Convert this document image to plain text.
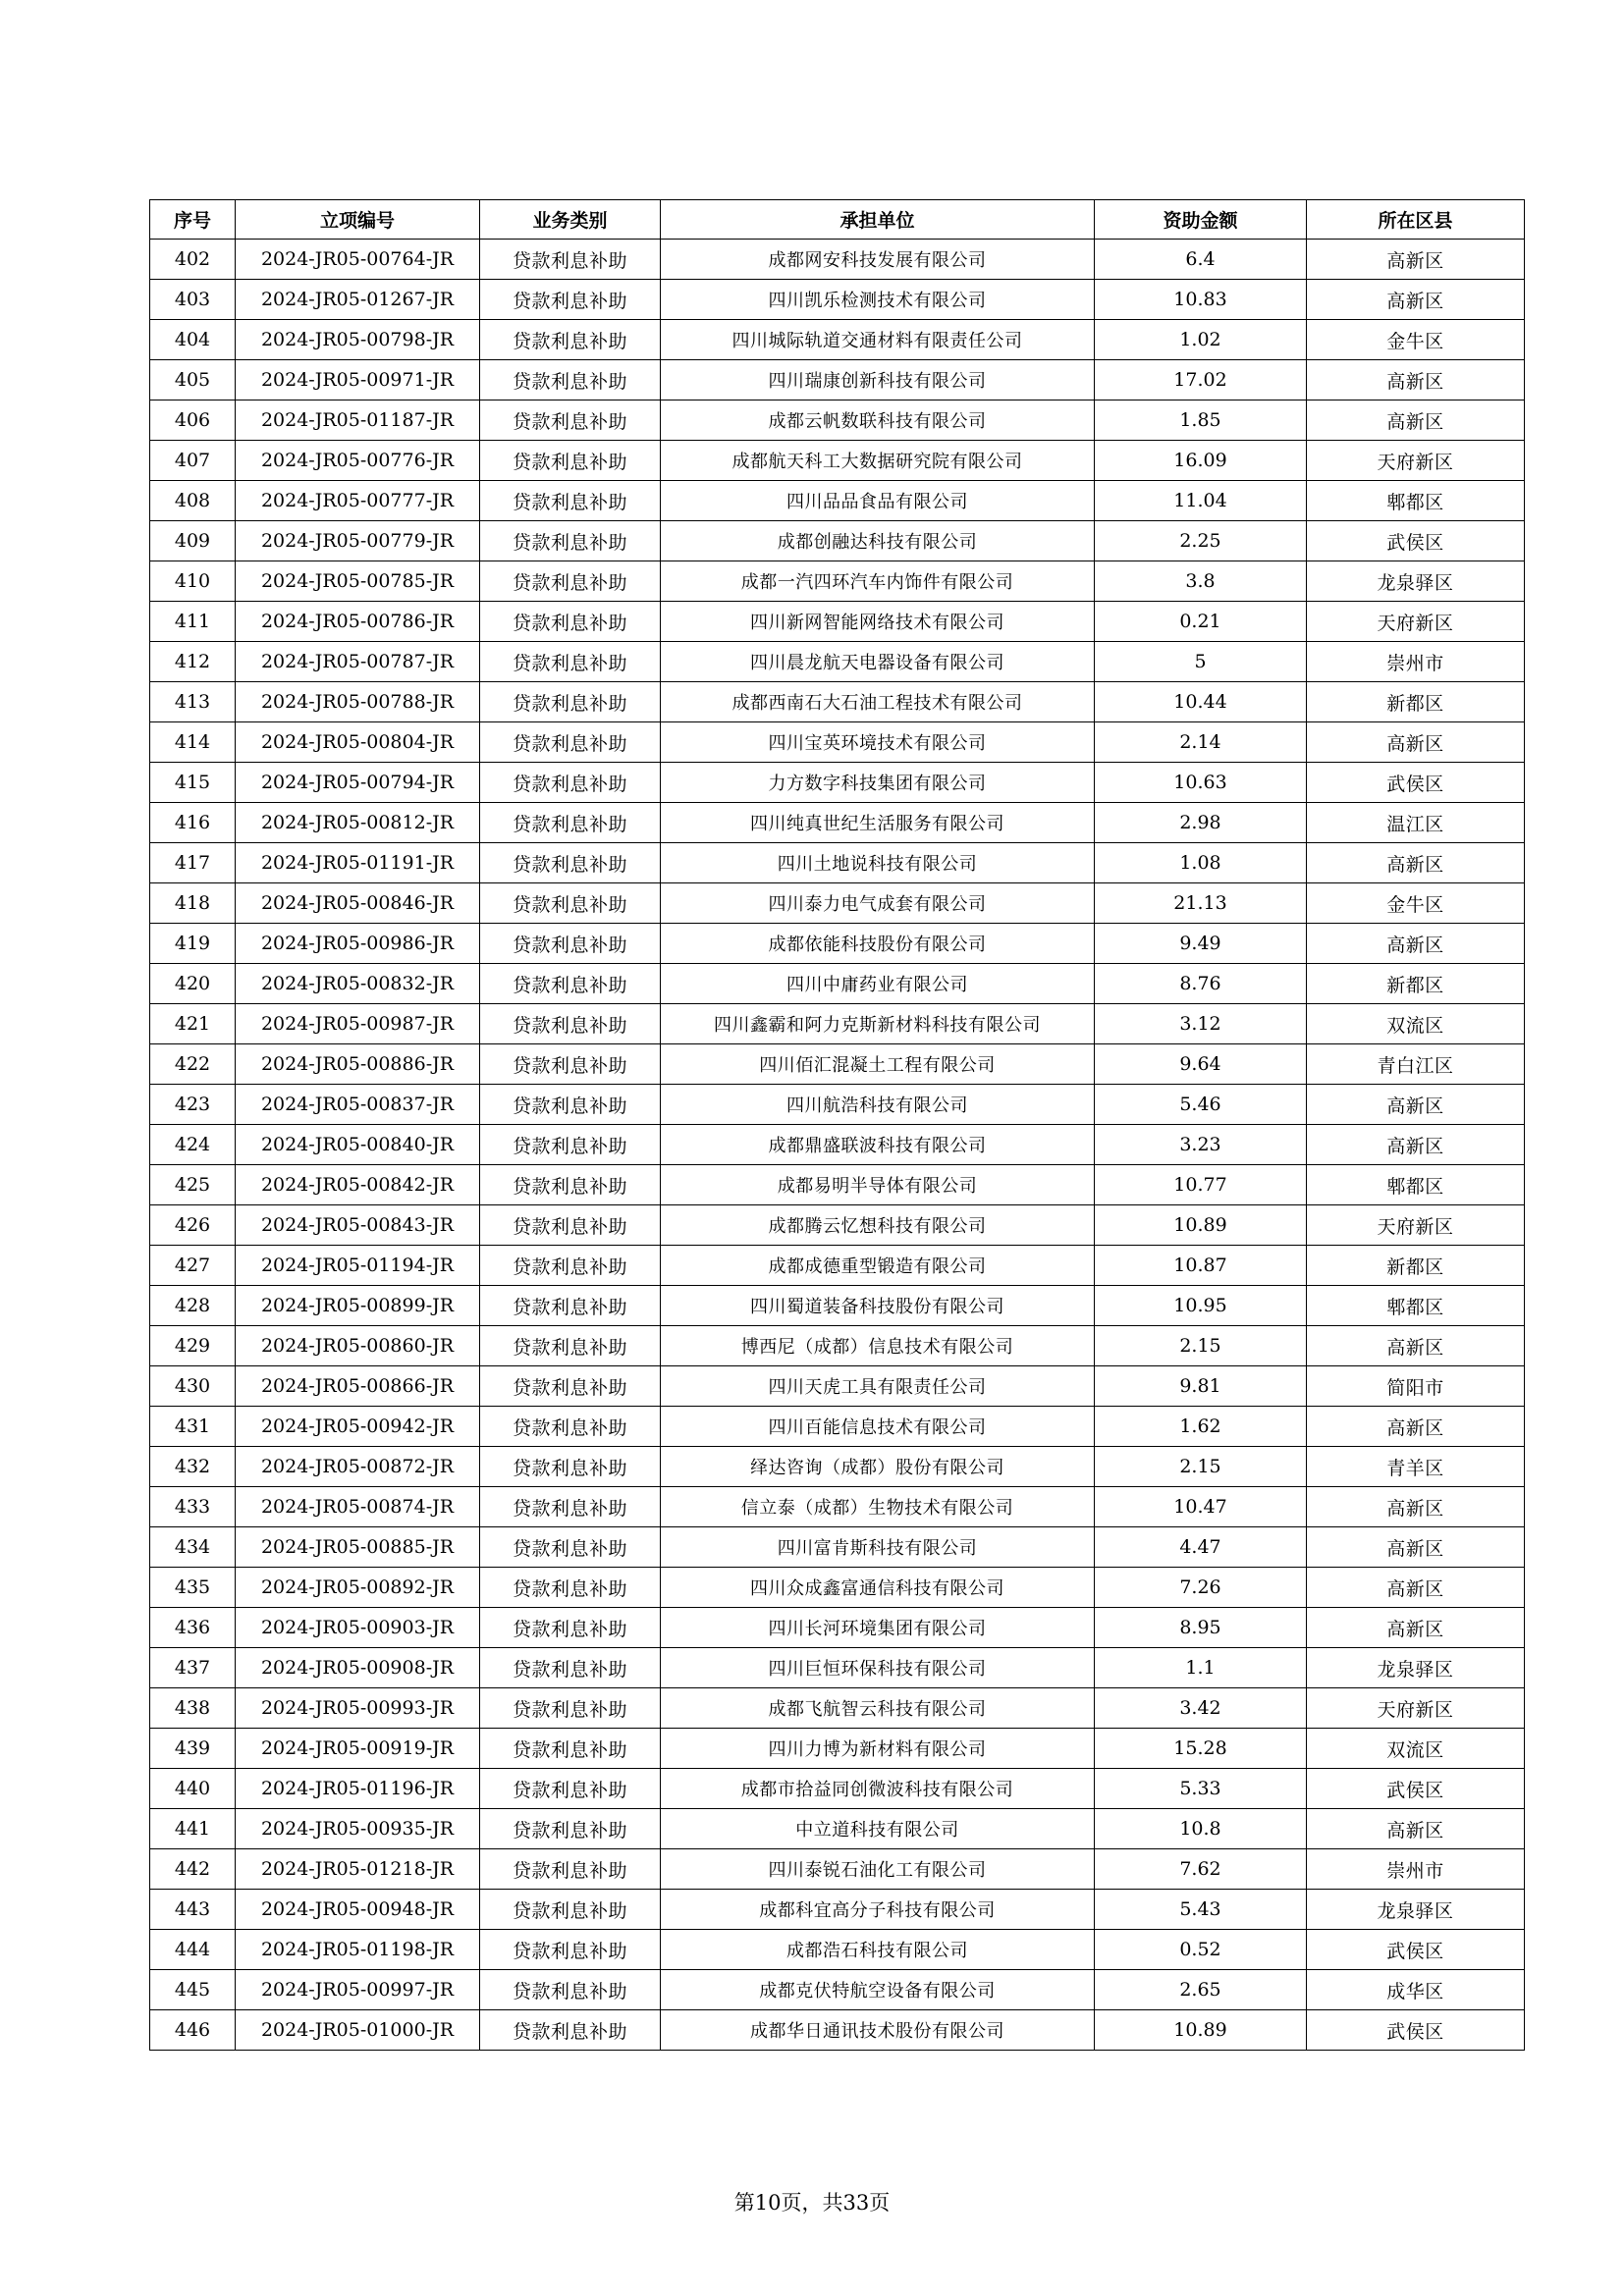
序号	立项编号	业务类别	承担单位	资助金额	所在区县
402	2024-JR05-00764-JR	贷款利息补助	成都网安科技发展有限公司	6.4	高新区
403	2024-JR05-01267-JR	贷款利息补助	四川凯乐检测技术有限公司	10.83	高新区
404	2024-JR05-00798-JR	贷款利息补助	四川城际轨道交通材料有限责任公司	1.02	金牛区
405	2024-JR05-00971-JR	贷款利息补助	四川瑞康创新科技有限公司	17.02	高新区
406	2024-JR05-01187-JR	贷款利息补助	成都云帆数联科技有限公司	1.85	高新区
407	2024-JR05-00776-JR	贷款利息补助	成都航天科工大数据研究院有限公司	16.09	天府新区
408	2024-JR05-00777-JR	贷款利息补助	四川品品食品有限公司	11.04	郫都区
409	2024-JR05-00779-JR	贷款利息补助	成都创融达科技有限公司	2.25	武侯区
410	2024-JR05-00785-JR	贷款利息补助	成都一汽四环汽车内饰件有限公司	3.8	龙泉驿区
411	2024-JR05-00786-JR	贷款利息补助	四川新网智能网络技术有限公司	0.21	天府新区
412	2024-JR05-00787-JR	贷款利息补助	四川晨龙航天电器设备有限公司	5	崇州市
413	2024-JR05-00788-JR	贷款利息补助	成都西南石大石油工程技术有限公司	10.44	新都区
414	2024-JR05-00804-JR	贷款利息补助	四川宝英环境技术有限公司	2.14	高新区
415	2024-JR05-00794-JR	贷款利息补助	力方数字科技集团有限公司	10.63	武侯区
416	2024-JR05-00812-JR	贷款利息补助	四川纯真世纪生活服务有限公司	2.98	温江区
417	2024-JR05-01191-JR	贷款利息补助	四川土地说科技有限公司	1.08	高新区
418	2024-JR05-00846-JR	贷款利息补助	四川泰力电气成套有限公司	21.13	金牛区
419	2024-JR05-00986-JR	贷款利息补助	成都依能科技股份有限公司	9.49	高新区
420	2024-JR05-00832-JR	贷款利息补助	四川中庸药业有限公司	8.76	新都区
421	2024-JR05-00987-JR	贷款利息补助	四川鑫霸和阿力克斯新材料科技有限公司	3.12	双流区
422	2024-JR05-00886-JR	贷款利息补助	四川佰汇混凝土工程有限公司	9.64	青白江区
423	2024-JR05-00837-JR	贷款利息补助	四川航浩科技有限公司	5.46	高新区
424	2024-JR05-00840-JR	贷款利息补助	成都鼎盛联波科技有限公司	3.23	高新区
425	2024-JR05-00842-JR	贷款利息补助	成都易明半导体有限公司	10.77	郫都区
426	2024-JR05-00843-JR	贷款利息补助	成都腾云忆想科技有限公司	10.89	天府新区
427	2024-JR05-01194-JR	贷款利息补助	成都成德重型锻造有限公司	10.87	新都区
428	2024-JR05-00899-JR	贷款利息补助	四川蜀道装备科技股份有限公司	10.95	郫都区
429	2024-JR05-00860-JR	贷款利息补助	博西尼（成都）信息技术有限公司	2.15	高新区
430	2024-JR05-00866-JR	贷款利息补助	四川天虎工具有限责任公司	9.81	简阳市
431	2024-JR05-00942-JR	贷款利息补助	四川百能信息技术有限公司	1.62	高新区
432	2024-JR05-00872-JR	贷款利息补助	绎达咨询（成都）股份有限公司	2.15	青羊区
433	2024-JR05-00874-JR	贷款利息补助	信立泰（成都）生物技术有限公司	10.47	高新区
434	2024-JR05-00885-JR	贷款利息补助	四川富肯斯科技有限公司	4.47	高新区
435	2024-JR05-00892-JR	贷款利息补助	四川众成鑫富通信科技有限公司	7.26	高新区
436	2024-JR05-00903-JR	贷款利息补助	四川长河环境集团有限公司	8.95	高新区
437	2024-JR05-00908-JR	贷款利息补助	四川巨恒环保科技有限公司	1.1	龙泉驿区
438	2024-JR05-00993-JR	贷款利息补助	成都飞航智云科技有限公司	3.42	天府新区
439	2024-JR05-00919-JR	贷款利息补助	四川力博为新材料有限公司	15.28	双流区
440	2024-JR05-01196-JR	贷款利息补助	成都市拾益同创微波科技有限公司	5.33	武侯区
441	2024-JR05-00935-JR	贷款利息补助	中立道科技有限公司	10.8	高新区
442	2024-JR05-01218-JR	贷款利息补助	四川泰锐石油化工有限公司	7.62	崇州市
443	2024-JR05-00948-JR	贷款利息补助	成都科宜高分子科技有限公司	5.43	龙泉驿区
444	2024-JR05-01198-JR	贷款利息补助	成都浩石科技有限公司	0.52	武侯区
445	2024-JR05-00997-JR	贷款利息补助	成都克伏特航空设备有限公司	2.65	成华区
446	2024-JR05-01000-JR	贷款利息补助	成都华日通讯技术股份有限公司	10.89	武侯区
第10页，共33页
